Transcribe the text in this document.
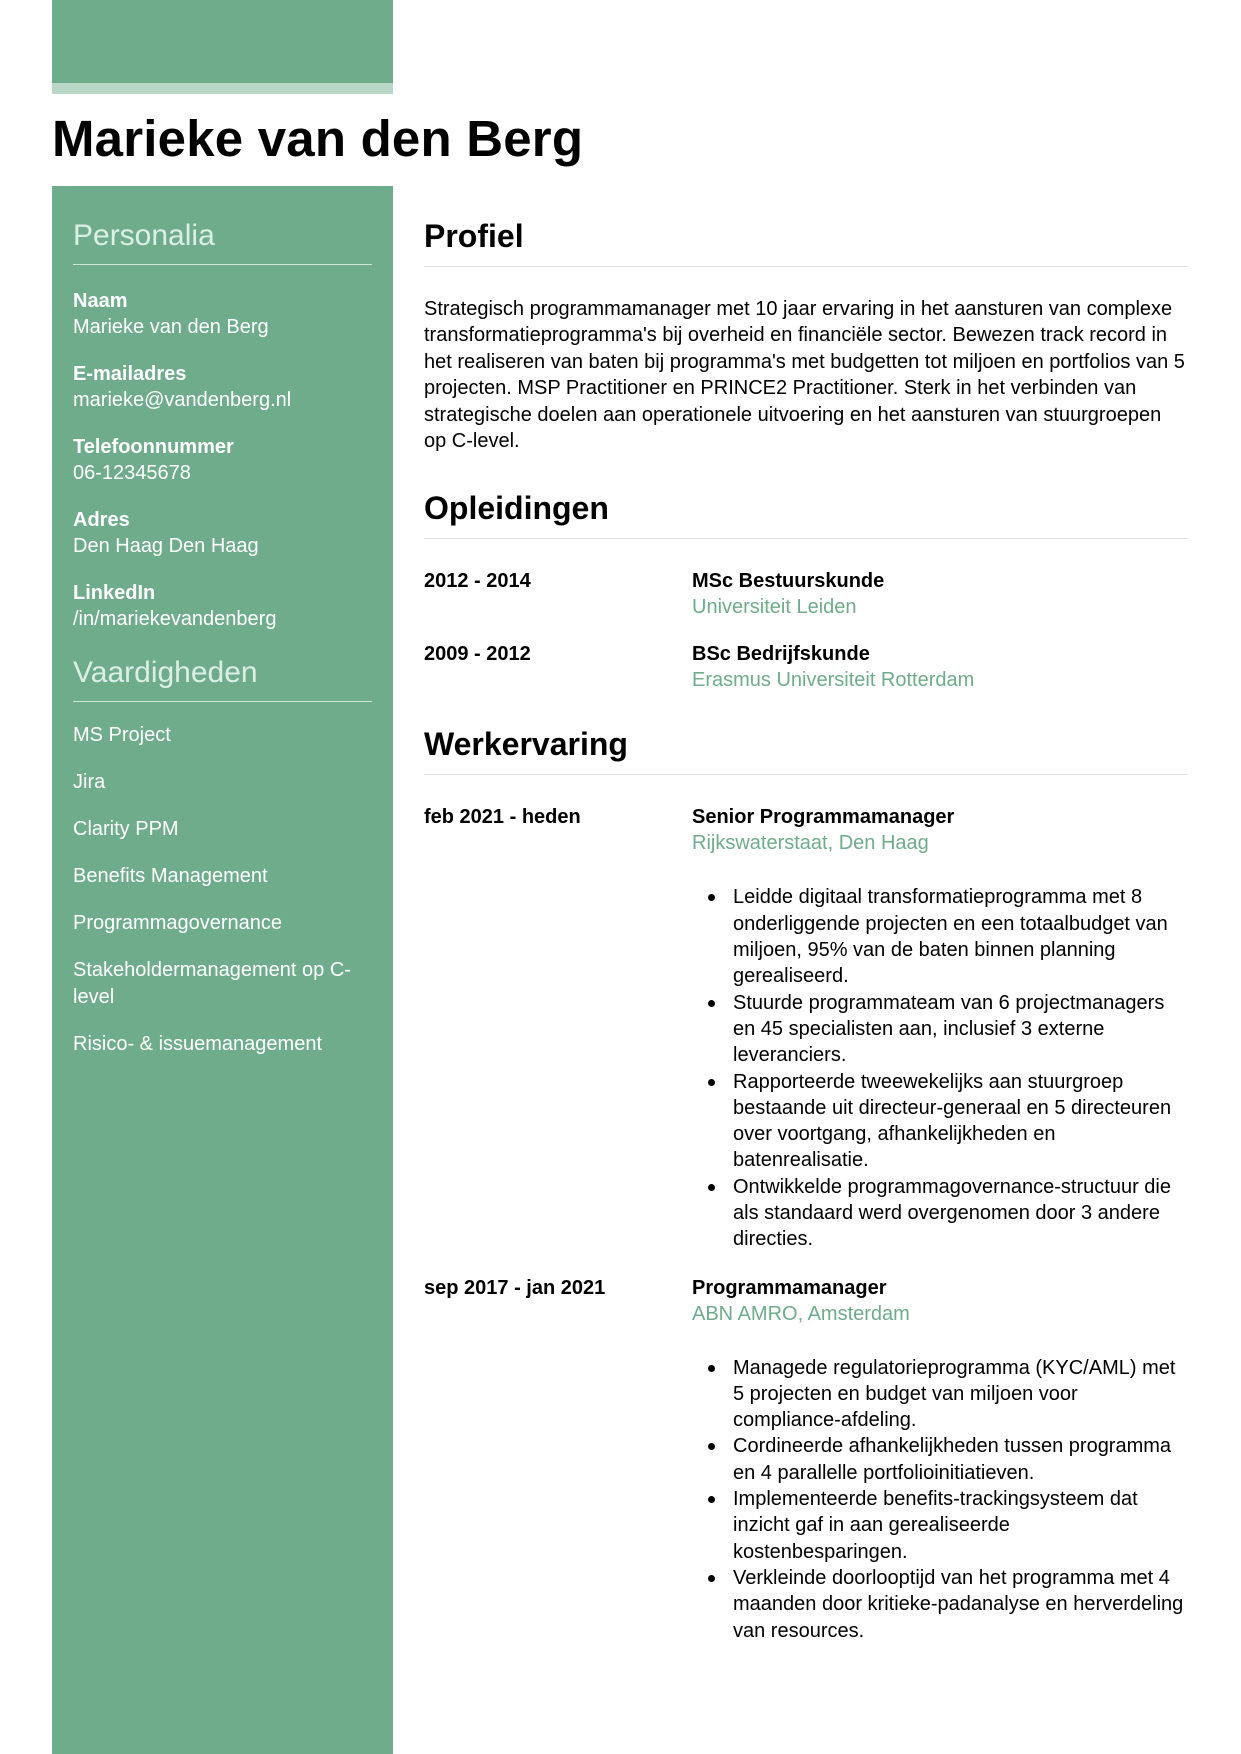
Marieke van den Berg
Personalia
Naam
Marieke van den Berg
E-mailadres
marieke@vandenberg.nl
Telefoonnummer
06-12345678
Adres
Den Haag Den Haag
LinkedIn
/in/mariekevandenberg
Vaardigheden
MS Project
Jira
Clarity PPM
Benefits Management
Programmagovernance
Stakeholdermanagement op C-level
Risico- & issuemanagement
Profiel

Strategisch programmamanager met 10 jaar ervaring in het aansturen van complexe transformatieprogramma's bij overheid en financiële sector. Bewezen track record in het realiseren van baten bij programma's met budgetten tot miljoen en portfolios van 5 projecten. MSP Practitioner en PRINCE2 Practitioner. Sterk in het verbinden van strategische doelen aan operationele uitvoering en het aansturen van stuurgroepen op C-level.

Opleidingen
2012 - 2014	MSc Bestuurskunde
Universiteit Leiden
2009 - 2012	BSc Bedrijfskunde
Erasmus Universiteit Rotterdam
Werkervaring
feb 2021 - heden	Senior Programmamanager
Rijkswaterstaat, Den Haag
Leidde digitaal transformatieprogramma met 8 onderliggende projecten en een totaalbudget van miljoen, 95% van de baten binnen planning gerealiseerd.
Stuurde programmateam van 6 projectmanagers en 45 specialisten aan, inclusief 3 externe leveranciers.
Rapporteerde tweewekelijks aan stuurgroep bestaande uit directeur-generaal en 5 directeuren over voortgang, afhankelijkheden en batenrealisatie.
Ontwikkelde programmagovernance-structuur die als standaard werd overgenomen door 3 andere directies.
sep 2017 - jan 2021	Programmamanager
ABN AMRO, Amsterdam
Managede regulatorieprogramma (KYC/AML) met 5 projecten en budget van miljoen voor compliance-afdeling.
Cordineerde afhankelijkheden tussen programma en 4 parallelle portfolioinitiatieven.
Implementeerde benefits-trackingsysteem dat inzicht gaf in aan gerealiseerde kostenbesparingen.
Verkleinde doorlooptijd van het programma met 4 maanden door kritieke-padanalyse en herverdeling van resources.
